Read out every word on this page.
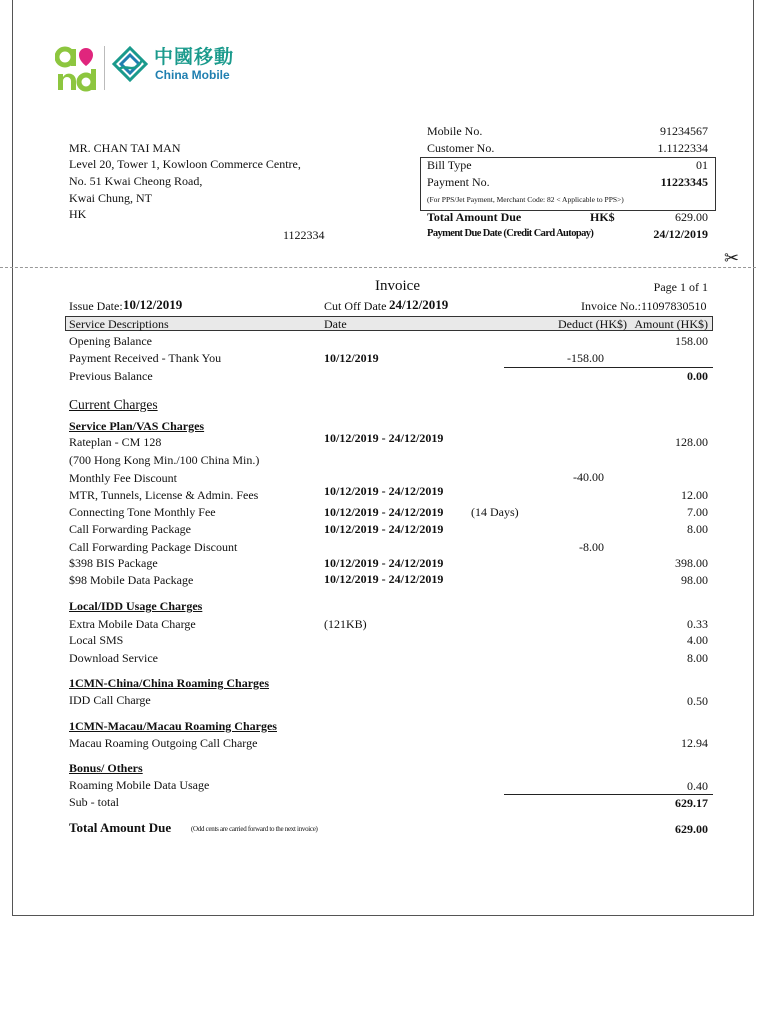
中國移動
China Mobile
MR. CHAN TAI MAN
Level 20, Tower 1, Kowloon Commerce Centre,
No. 51 Kwai Cheong Road,
Kwai Chung, NT
HK
1122334
Mobile No.	91234567
Customer No.	1.1122334
Bill Type	01
Payment No.	11223345
(For PPS/Jet Payment, Merchant Code: 82 < Applicable to PPS>)
Total Amount Due	HK$	629.00
Payment Due Date (Credit Card Autopay)	24/12/2019
✂
Invoice	Page 1 of 1
Issue Date: 10/12/2019	Cut Off Date 24/12/2019	Invoice No.: 11097830510
Service Descriptions	Date	Deduct (HK$) Amount (HK$)
Opening Balance	158.00
Payment Received - Thank You	10/12/2019	-158.00
Previous Balance	0.00
Current Charges
Service Plan/VAS Charges
Rateplan - CM 128	10/12/2019 - 24/12/2019	128.00
(700 Hong Kong Min./100 China Min.)
Monthly Fee Discount	-40.00
MTR, Tunnels, License & Admin. Fees	10/12/2019 - 24/12/2019	12.00
Connecting Tone Monthly Fee	10/12/2019 - 24/12/2019 (14 Days)	7.00
Call Forwarding Package	10/12/2019 - 24/12/2019	8.00
Call Forwarding Package Discount	-8.00
$398 BIS Package	10/12/2019 - 24/12/2019	398.00
$98 Mobile Data Package	10/12/2019 - 24/12/2019	98.00
Local/IDD Usage Charges
Extra Mobile Data Charge	(121KB)	0.33
Local SMS	4.00
Download Service	8.00
1CMN-China/China Roaming Charges
IDD Call Charge	0.50
1CMN-Macau/Macau Roaming Charges
Macau Roaming Outgoing Call Charge	12.94
Bonus/ Others
Roaming Mobile Data Usage	0.40
Sub - total	629.17
Total Amount Due	(Odd cents are carried forward to the next invoice)	629.00
